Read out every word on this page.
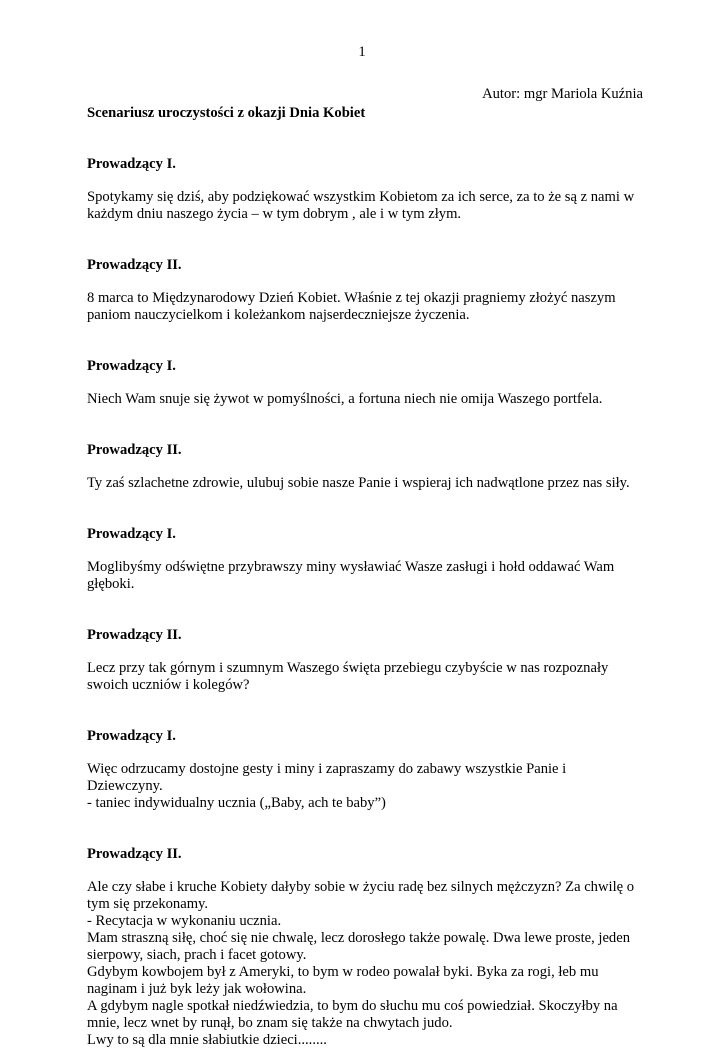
1

Autor: mgr Mariola Kuźnia

Scenariusz uroczystości z okazji Dnia Kobiet

Prowadzący I.

Spotykamy się dziś, aby podziękować wszystkim Kobietom za ich serce, za to że są z nami w
każdym dniu naszego życia – w tym dobrym , ale i w tym złym.

Prowadzący II.

8 marca to Międzynarodowy Dzień Kobiet. Właśnie z tej okazji pragniemy złożyć naszym
paniom nauczycielkom i koleżankom najserdeczniejsze życzenia.

Prowadzący I.

Niech Wam snuje się żywot w pomyślności, a fortuna niech nie omija Waszego portfela.

Prowadzący II.

Ty zaś szlachetne zdrowie, ulubuj sobie nasze Panie i wspieraj ich nadwątlone przez nas siły.

Prowadzący I.

Moglibyśmy odświętne przybrawszy miny wysławiać Wasze zasługi i hołd oddawać Wam
głęboki.

Prowadzący II.

Lecz przy tak górnym i szumnym Waszego święta przebiegu czybyście w nas rozpoznały
swoich uczniów i kolegów?

Prowadzący I.

Więc odrzucamy dostojne gesty i miny i zapraszamy do zabawy wszystkie Panie i
Dziewczyny.
- taniec indywidualny ucznia („Baby, ach te baby”)

Prowadzący II.

Ale czy słabe i kruche Kobiety dałyby sobie w życiu radę bez silnych mężczyzn? Za chwilę o
tym się przekonamy.
- Recytacja w wykonaniu ucznia.
Mam straszną siłę, choć się nie chwalę, lecz dorosłego także powalę. Dwa lewe proste, jeden
sierpowy, siach, prach i facet gotowy.
Gdybym kowbojem był z Ameryki, to bym w rodeo powalał byki. Byka za rogi, łeb mu
naginam i już byk leży jak wołowina.
A gdybym nagle spotkał niedźwiedzia, to bym do słuchu mu coś powiedział. Skoczyłby na
mnie, lecz wnet by runął, bo znam się także na chwytach judo.
Lwy to są dla mnie słabiutkie dzieci........
